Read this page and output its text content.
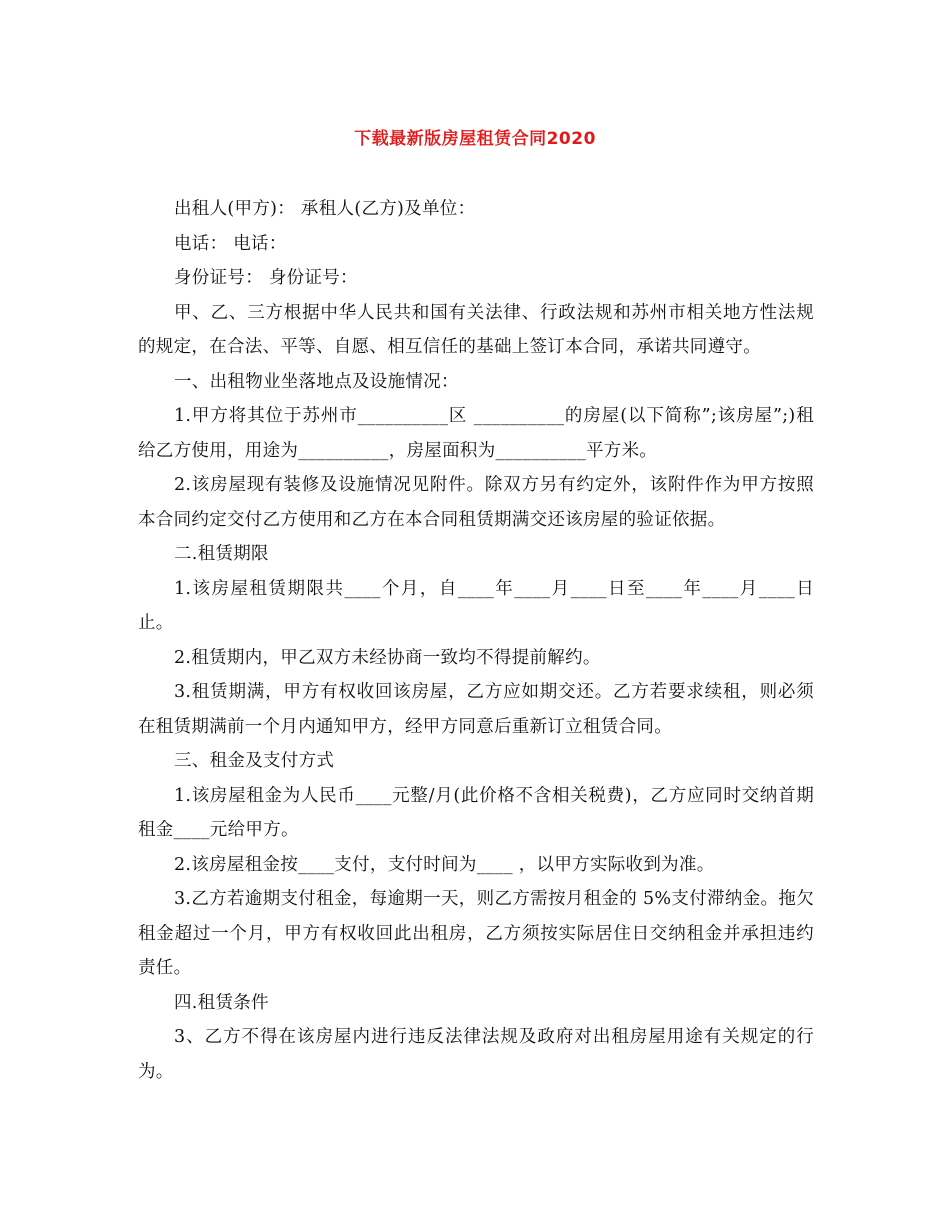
下载最新版房屋租赁合同2020

出租人(甲方)： 承租人(乙方)及单位：

电话： 电话：

身份证号： 身份证号：

甲、乙、三方根据中华人民共和国有关法律、行政法规和苏州市相关地方性法规的规定，在合法、平等、自愿、相互信任的基础上签订本合同，承诺共同遵守。

一、出租物业坐落地点及设施情况：

1.甲方将其位于苏州市__________区 __________的房屋(以下简称”;该房屋”;)租给乙方使用，用途为__________，房屋面积为__________平方米。

2.该房屋现有装修及设施情况见附件。除双方另有约定外，该附件作为甲方按照本合同约定交付乙方使用和乙方在本合同租赁期满交还该房屋的验证依据。

二.租赁期限

1.该房屋租赁期限共____个月，自____年____月____日至____年____月____日止。

2.租赁期内，甲乙双方未经协商一致均不得提前解约。

3.租赁期满，甲方有权收回该房屋，乙方应如期交还。乙方若要求续租，则必须在租赁期满前一个月内通知甲方，经甲方同意后重新订立租赁合同。

三、租金及支付方式

1.该房屋租金为人民币____元整/月(此价格不含相关税费)，乙方应同时交纳首期租金____元给甲方。

2.该房屋租金按____支付，支付时间为____ ，以甲方实际收到为准。

3.乙方若逾期支付租金，每逾期一天，则乙方需按月租金的 5%支付滞纳金。拖欠租金超过一个月，甲方有权收回此出租房，乙方须按实际居住日交纳租金并承担违约责任。

四.租赁条件

3、乙方不得在该房屋内进行违反法律法规及政府对出租房屋用途有关规定的行为。
